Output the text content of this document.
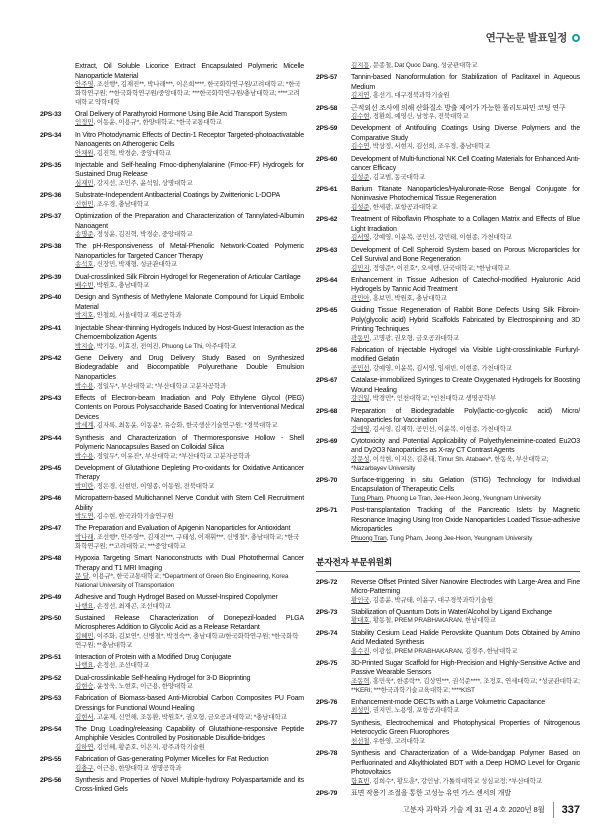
연구논문 발표일정
Extract, Oil Soluble Licorice Extract Encapsulated Polymeric Micelle Nanoparticle Material
안주영, 조선행*, 김재진**, 박나래***, 이은희****, 한국화학연구원/고려대학교; *한국화학연구원; **한국화학연구원/중앙대학교; ***한국화학연구원/충남대학교; ****고려대학교 약학대학
2PS-33	Oral Delivery of Parathyroid Hormone Using Bile Acid Transport System
인정민, 이동윤, 이용규*, 한양대학교; *한국교통대학교
2PS-34	In Vitro Photodynamic Effects of Dectin-1 Receptor Targeted-photoactivatable Nanoagents on Atherogenic Cells
안채원, 김진혁, 박경순, 중앙대학교
2PS-35	Injectable and Self-healing Fmoc-diphenylalanine (Fmoc-FF) Hydrogels for Sustained Drug Release
심재민, 강지선, 조민주, 윤석일, 상명대학교
2PS-36	Substrate-Independent Antibacterial Coatings by Zwitterionic L-DOPA
신현민, 조우경, 충남대학교
2PS-37	Optimization of the Preparation and Characterization of Tannylated-Albumin Nanoagent
송명준, 정성윤, 김진혁, 박경순, 중앙대학교
2PS-38	The pH-Responsiveness of Metal-Phenolic Network-Coated Polymeric Nanoparticles for Targeted Cancer Therapy
송석호, 신장민, 박재형, 성균관대학교
2PS-39	Dual-crosslinked Silk Fibroin Hydrogel for Regeneration of Articular Cartilage
배수빈, 박원호, 충남대학교
2PS-40	Design and Synthesis of Methylene Malonate Compound for Liquid Embolic Material
박지호, 안철희, 서울대학교 재료공학과
2PS-41	Injectable Shear-thinning Hydrogels Induced by Host-Guest Interaction as the Chemoembolization Agents
박지슬, 박기동, 이효진, 전여진, Phuong Le Thi, 아주대학교
2PS-42	Gene Delivery and Drug Delivery Study Based on Synthesized Biodegradable and Biocompatible Polyurethane Double Emulsion Nanoparticles
박수용, 정일두*, 부산대학교; *부산대학교 고분자공학과
2PS-43	Effects of Electron-beam Irradiation and Poly Ethylene Glycol (PEG) Contents on Porous Polysaccharide Based Coating for Interventional Medical Devices
박세계, 김자록, 최동윤, 이동윤*, 유승화, 한국생산기술연구원; *경북대학교
2PS-44	Synthesis and Characterization of Thermoresponsive Hollow - Shell Polymeric Nanocapsules Based on Colloidal Silica
박수용, 정일두*, 이유진*, 부산대학교; *부산대학교 고분자공학과
2PS-45	Development of Glutathione Depleting Pro-oxidants for Oxidative Anticancer Therapy
박미란, 정은경, 신현빈, 이영종, 이동원, 전북대학교
2PS-46	Micropattern-based Multichannel Nerve Conduit with Stem Cell Recruitment Ability
박도연, 김수현, 한국과학기술연구원
2PS-47	The Preparation and Evaluation of Apigenin Nanoparticles for Antioxidant
박나래, 조선행*, 안주영**, 김재진***, 구태성, 이재휘***, 신병철*, 충남대학교; *한국화학연구원; **고려대학교; ***중앙대학교
2PS-48	Hypoxia Targeting Smart Nanoconstructs with Dual Photothermal Cancer Therapy and T1 MRI Imaging
문 달, 이용규*, 한국교통대학교; *Department of Green Bio Engineering, Korea National University of Transportation
2PS-49	Adhesive and Tough Hydrogel Based on Mussel-Inspired Copolymer
나행요, 손정선, 최재곤, 조선대학교
2PS-50	Sustained Release Characterization of Donepezil-loaded PLGA Microspheres Addition to Glycolic Acid as a Release Retardant
김혜민, 이주화, 김보연*, 신병철*, 박정숙**, 충남대학교/한국화학연구원; *한국화학연구원; **충남대학교
2PS-51	Interaction of Protein with a Modified Drug Conjugate
나행요, 손정선, 조선대학교
2PS-52	Dual-crosslinkable Self-healing Hydrogel for 3-D Bioprinting
김현승, 윤창욱, 노현호, 이근용, 한양대학교
2PS-53	Fabrication of Biomass-based Anti-Microbial Carbon Composites PU Foam Dressings for Functional Wound Healing
김현서, 고윤제, 신언해, 조동환, 박원호*, 권오형, 금오공과대학교; *충남대학교
2PS-54	The Drug Loading/releasing Capability of Glutathione-responsive Peptide Amphiphile Vesicles Controlled by Positionable Disulfide-bridges
김하연, 김인혜, 황준호, 이은지, 광주과학기술원
2PS-55	Fabrication of Gas-generating Polymer Micelles for Fat Reduction
김충구, 이근용, 한양대학교 생명공학과
2PS-56	Synthesis and Properties of Novel Multiple-hydroxy Polyaspartamide and its Cross-linked Gels
김지흥, 문종철, Dat Quoc Dang, 성균관대학교
2PS-57	Tannin-based Nanoformulation for Stabilization of Paclitaxel in Aqueous Medium
김지연, 홍선기, 대구경북과학기술원
2PS-58	근적외선 조사에 의해 산화질소 방출 제어가 가능한 폴리도파민 코팅 연구
김수현, 정환희, 예영신, 남창우, 전북대학교
2PS-59	Development of Antifouling Coatings Using Diverse Polymers and the Comparative Study
김수연, 박상정, 서현지, 김선희, 조우경, 충남대학교
2PS-60	Development of Multi-functional NK Cell Coating Materials for Enhanced Anti-cancer Efficacy
김성준, 김교범, 동국대학교
2PS-61	Barium Titanate Nanoparticles/Hyaluronate-Rose Bengal Conjugate for Noninvasive Photochemical Tissue Regeneration
김성준, 한세광, 포항공과대학교
2PS-62	Treatment of Riboflavin Phosphate to a Collagen Matrix and Effects of Blue Light Irradiation
김서영, 강예영, 이윤복, 공민선, 강민태, 이현종, 가천대학교
2PS-63	Development of Cell Spheroid System based on Porous Microparticles for Cell Survival and Bone Regeneration
김민지, 정영준*, 이진호*, 오세행, 단국대학교; *한남대학교
2PS-64	Enhancement in Tissue Adhesion of Catechol-modified Hyaluronic Acid Hydrogels by Tannic Acid Treatment
곽민아, 홍보민, 박원호, 충남대학교
2PS-65	Guiding Tissue Regeneration of Rabbit Bone Defects Using Silk Fibroin-Poly(glycolic acid) Hybrid Scaffolds Fabricated by Electrospinning and 3D Printing Techniques
곽동민, 고명광, 권오형, 금오공과대학교
2PS-66	Fabrication of Injectable Hydrogel via Visible Light-crosslinkable Furfuryl-modified Gelatin
공민선, 강예영, 이윤복, 김서영, 임새빈, 이현종, 가천대학교
2PS-67	Catalase-immobilized Syringes to Create Oxygenated Hydrogels for Boosting Wound Healing
강건일, 박경민*, 인천대학교; *인천대학교 생명공학부
2PS-68	Preparation of Biodegradable Poly(lactic-co-glycolic acid) Micro/ Nanoparticles for Vaccination
강예영, 김서영, 김재학, 공민선, 이윤복, 이현종, 가천대학교
2PS-69	Cytotoxicity and Potential Applicability of Polyethyleneimine-coated Eu2O3 and Dy2O3 Nanoparticles as X-ray CT Contrast Agents
강문성, 이석현, 이지은, 김춘태, Timur Sh. Atabaev*, 한동욱, 부산대학교; *Nazarbayev University
2PS-70	Surface-triggering in situ Gelation (STIG) Technology for Individual Encapsulation of Therapeutic Cells
Tung Pham, Phuong Le Tran, Jee-Heon Jeong, Yeungnam University
2PS-71	Post-transplantation Tracking of the Pancreatic Islets by Magnetic Resonance Imaging Using Iron Oxide Nanoparticles Loaded Tissue-adhesive Microparticles
Phuong Tran, Tung Pham, Jeong Jee-Heon, Yeungnam University
분자전자 부문위원회
2PS-72	Reverse Offset Printed Silver Nanowire Electrodes with Large-Area and Fine Micro-Patterning
황인국, 김종윤, 박규태, 이윤구, 대구경북과학기술원
2PS-73	Stabilization of Quantum Dots in Water/Alcohol by Ligand Exchange
황대호, 황동철, PREM PRABHAKARAN, 한남대학교
2PS-74	Stability Cesium Lead Halide Perovskite Quantum Dots Obtained by Amino Acid Mediated Synthesis
홍수진, 이광섭, PREM PRABHAKARAN, 김경주, 한남대학교
2PS-75	3D-Printed Sugar Scaffold for High-Precision and Highly-Sensitive Active and Passive Wearable Sensors
조동혁, 홍민욱*, 한종락**, 김상연***, 권석준****, 조정호, 연세대학교; *성균관대학교; **KERI; ***한국과학기술교육대학교; ****KIST
2PS-76	Enhancement-mode OECTs with a Large Volumetric Capacitance
최성민, 권지민, 노용영, 포항공과대학교
2PS-77	Synthesis, Electrochemical and Photophysical Properties of Nitrogenous Heterocyclic Green Fluorophores
천선철, 우한영, 고려대학교
2PS-78	Synthesis and Characterization of a Wide-bandgap Polymer Based on Perfluorinated and Alkylthiolated BDT with a Deep HOMO Level for Organic Photovoltaics
함효빈, 김희수*, 황도훈*, 강인남, 가톨릭대학교 성심교정; *부산대학교
2PS-79	표면 작용기 조절을 통한 고성능 유연 가스 센서의 개발
고분자 과학과 기술 제 31 권 4 호 2020년 8월	337
